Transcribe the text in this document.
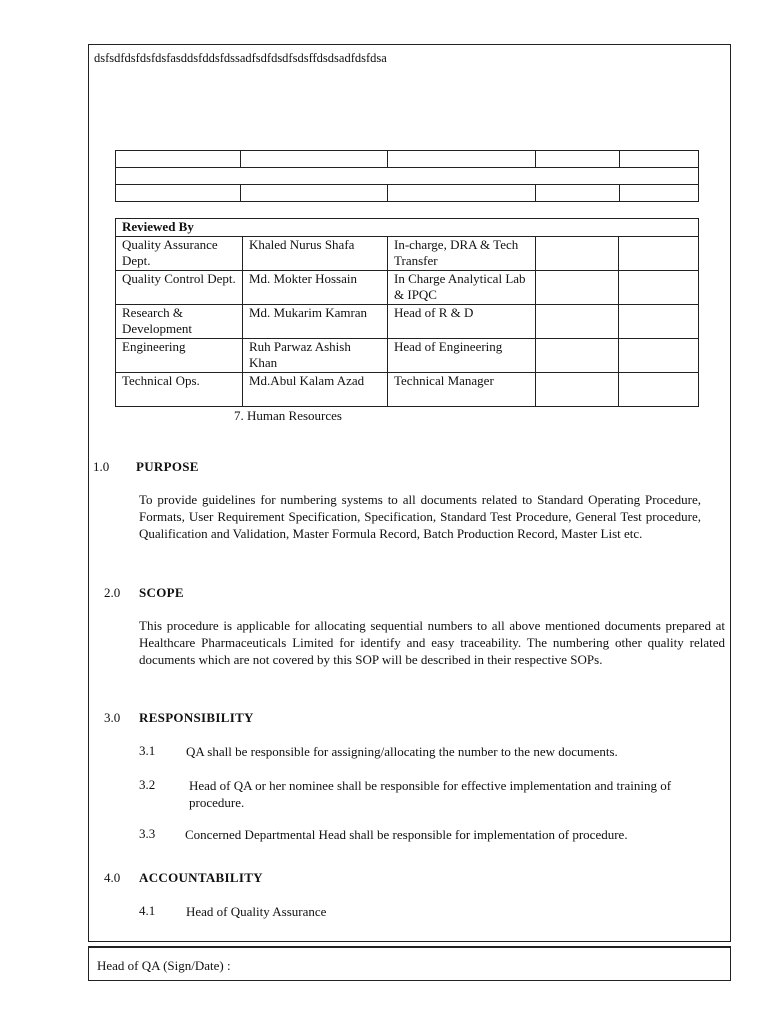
dsfsdfdsfdsfdsfasddsfddsfdssadfsdfdsdfsdsffdsdsadfdsfdsa

Reviewed By				
Quality Assurance Dept.	Khaled Nurus Shafa	In-charge, DRA & Tech Transfer		
Quality Control Dept.	Md. Mokter Hossain	In Charge Analytical Lab & IPQC		
Research & Development	Md. Mukarim Kamran	Head of R & D		
Engineering	Ruh Parwaz Ashish Khan	Head of Engineering		
Technical Ops.	Md.Abul Kalam Azad	Technical Manager		
7. Human Resources
1.0 PURPOSE
To provide guidelines for numbering systems to all documents related to Standard Operating Procedure, Formats, User Requirement Specification, Specification, Standard Test Procedure, General Test procedure, Qualification and Validation, Master Formula Record, Batch Production Record, Master List etc.
2.0 SCOPE
This procedure is applicable for allocating sequential numbers to all above mentioned documents prepared at Healthcare Pharmaceuticals Limited for identify and easy traceability. The numbering other quality related documents which are not covered by this SOP will be described in their respective SOPs.
3.0 RESPONSIBILITY
3.1 QA shall be responsible for assigning/allocating the number to the new documents.
3.2	Head of QA or her nominee shall be responsible for effective implementation and training of procedure.
3.3 Concerned Departmental Head shall be responsible for implementation of procedure.
4.0 ACCOUNTABILITY
4.1 Head of Quality Assurance
Head of QA (Sign/Date) :
